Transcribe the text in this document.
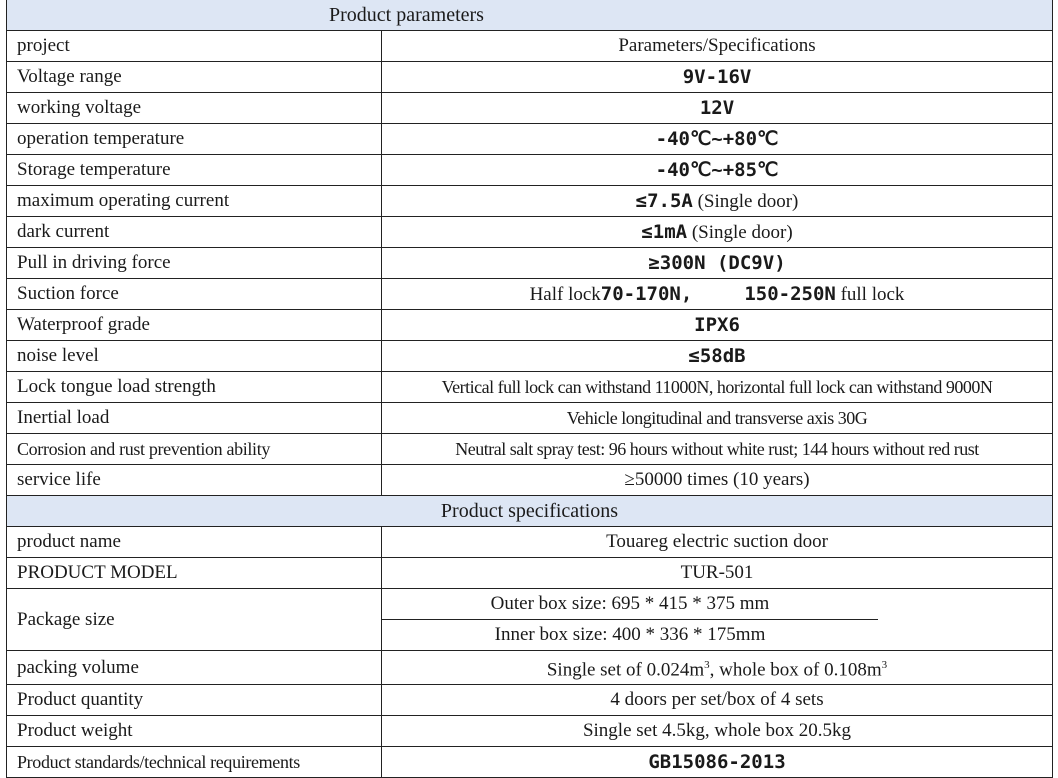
Product parameters	
project	Parameters/Specifications
Voltage range	9V-16V
working voltage	12V
operation temperature	-40℃~+80℃
Storage temperature	-40℃~+85℃
maximum operating current	≤7.5A (Single door)
dark current	≤1mA (Single door)
Pull in driving force	≥300N (DC9V)
Suction force	Half lock70-170N, 150-250N full lock
Waterproof grade	IPX6
noise level	≤58dB
Lock tongue load strength	Vertical full lock can withstand 11000N, horizontal full lock can withstand 9000N
Inertial load	Vehicle longitudinal and transverse axis 30G
Corrosion and rust prevention ability	Neutral salt spray test: 96 hours without white rust; 144 hours without red rust
service life	≥50000 times (10 years)
Product specifications	
product name	Touareg electric suction door
PRODUCT MODEL	TUR-501
Package size	Outer box size: 695 * 415 * 375 mm
Inner box size: 400 * 336 * 175mm

packing volume	Single set of $0.024m^3$, whole box of $0.108m^3$
Product quantity	4 doors per set/box of 4 sets
Product weight	Single set 4.5kg, whole box 20.5kg
Product standards/technical requirements	GB15086-2013
